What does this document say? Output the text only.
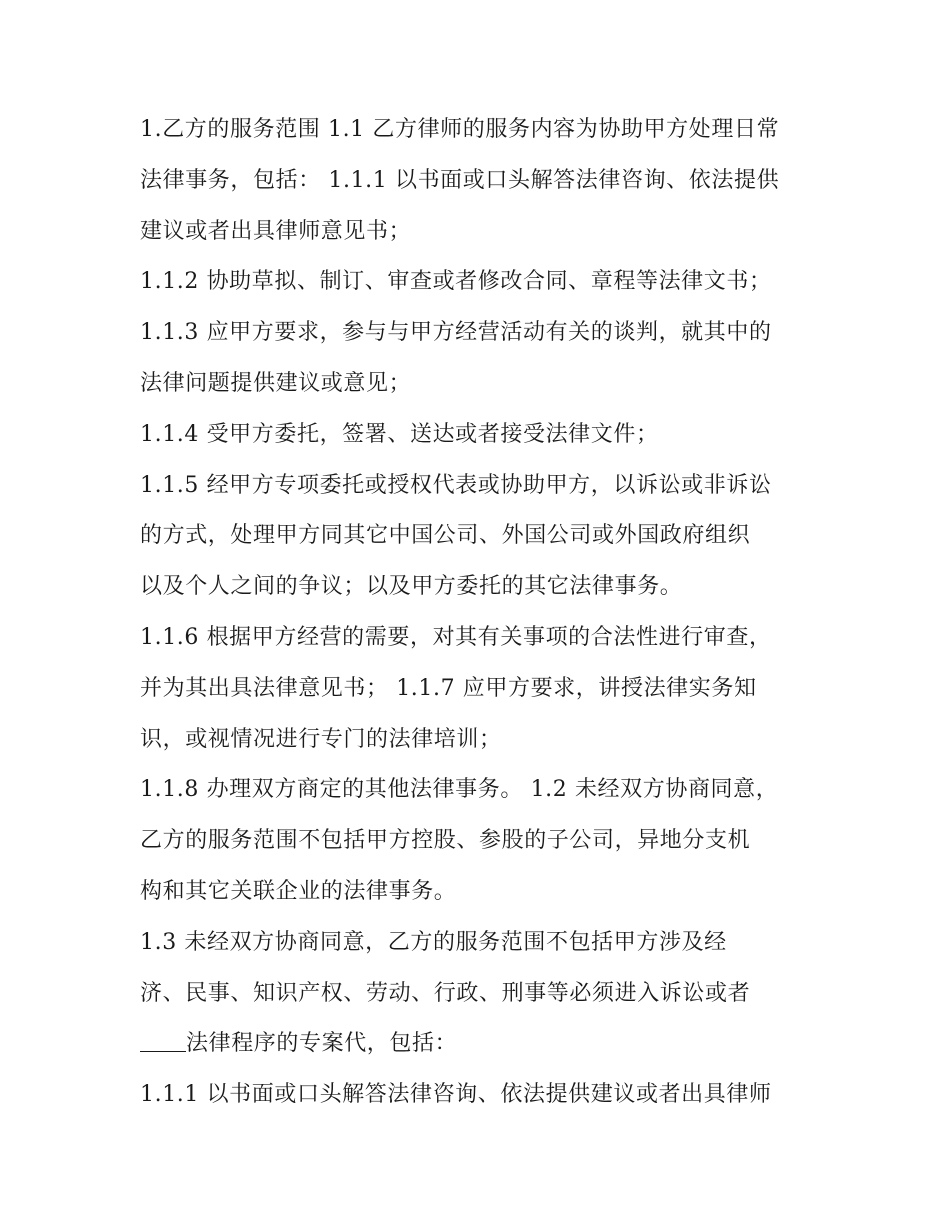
1.乙方的服务范围 1.1 乙方律师的服务内容为协助甲方处理日常
法律事务，包括： 1.1.1 以书面或口头解答法律咨询、依法提供
建议或者出具律师意见书；
1.1.2 协助草拟、制订、审查或者修改合同、章程等法律文书；
1.1.3 应甲方要求，参与与甲方经营活动有关的谈判，就其中的
法律问题提供建议或意见；
1.1.4 受甲方委托，签署、送达或者接受法律文件；
1.1.5 经甲方专项委托或授权代表或协助甲方，以诉讼或非诉讼
的方式，处理甲方同其它中国公司、外国公司或外国政府组织
以及个人之间的争议；以及甲方委托的其它法律事务。
1.1.6 根据甲方经营的需要，对其有关事项的合法性进行审查，
并为其出具法律意见书； 1.1.7 应甲方要求，讲授法律实务知
识，或视情况进行专门的法律培训；
1.1.8 办理双方商定的其他法律事务。 1.2 未经双方协商同意，
乙方的服务范围不包括甲方控股、参股的子公司，异地分支机
构和其它关联企业的法律事务。
1.3 未经双方协商同意，乙方的服务范围不包括甲方涉及经
济、民事、知识产权、劳动、行政、刑事等必须进入诉讼或者
法律程序的专案代，包括：
1.1.1 以书面或口头解答法律咨询、依法提供建议或者出具律师
